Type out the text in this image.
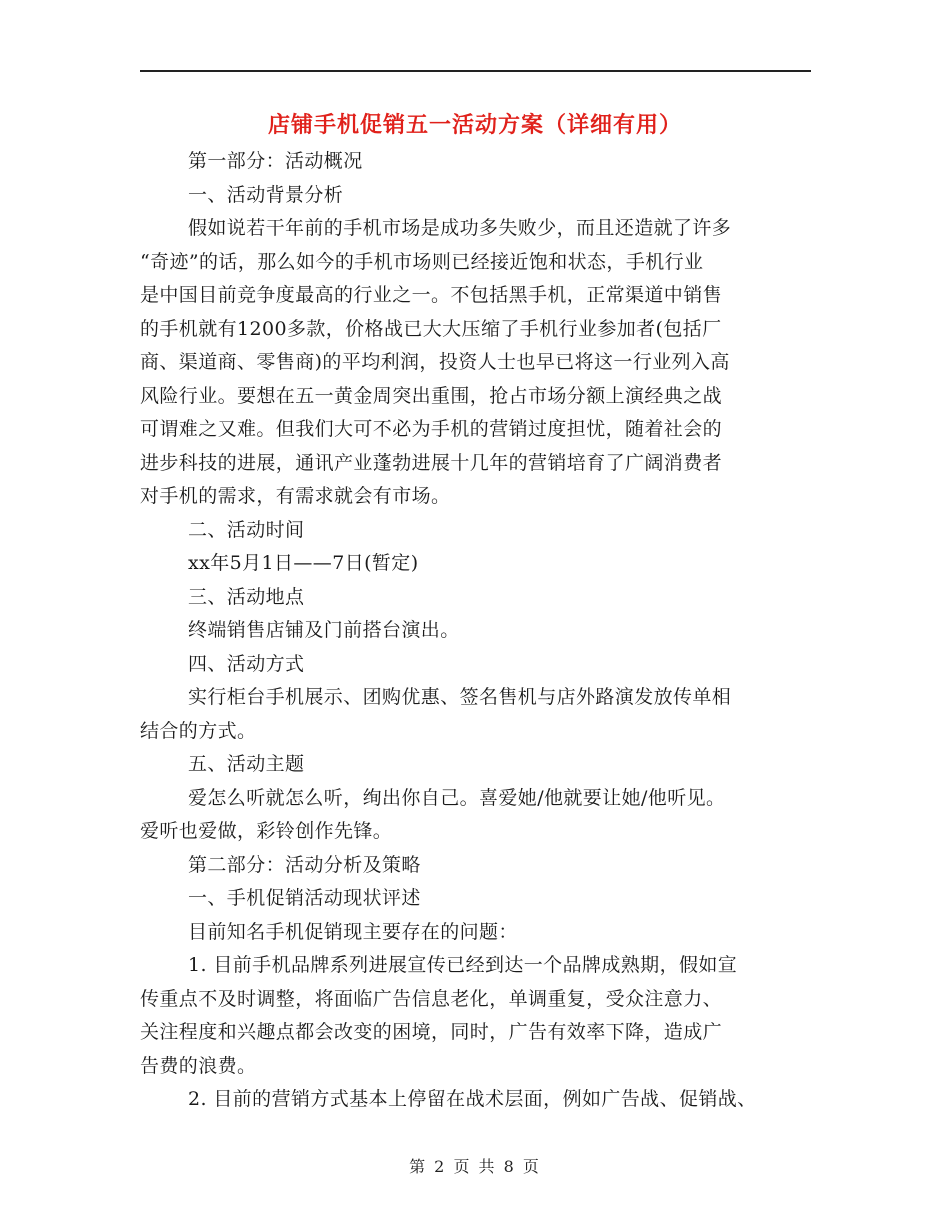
店铺手机促销五一活动方案（详细有用）

第一部分：活动概况

一、活动背景分析

假如说若干年前的手机市场是成功多失败少，而且还造就了许多

“奇迹”的话，那么如今的手机市场则已经接近饱和状态，手机行业

是中国目前竞争度最高的行业之一。不包括黑手机，正常渠道中销售

的手机就有1200多款，价格战已大大压缩了手机行业参加者(包括厂

商、渠道商、零售商)的平均利润，投资人士也早已将这一行业列入高

风险行业。要想在五一黄金周突出重围，抢占市场分额上演经典之战

可谓难之又难。但我们大可不必为手机的营销过度担忧，随着社会的

进步科技的进展，通讯产业蓬勃进展十几年的营销培育了广阔消费者

对手机的需求，有需求就会有市场。

二、活动时间

xx年5月1日——7日(暂定)

三、活动地点

终端销售店铺及门前搭台演出。

四、活动方式

实行柜台手机展示、团购优惠、签名售机与店外路演发放传单相

结合的方式。

五、活动主题

爱怎么听就怎么听，绚出你自己。喜爱她/他就要让她/他听见。

爱听也爱做，彩铃创作先锋。

第二部分：活动分析及策略

一、手机促销活动现状评述

目前知名手机促销现主要存在的问题：

1. 目前手机品牌系列进展宣传已经到达一个品牌成熟期，假如宣

传重点不及时调整，将面临广告信息老化，单调重复，受众注意力、

关注程度和兴趣点都会改变的困境，同时，广告有效率下降，造成广

告费的浪费。

2. 目前的营销方式基本上停留在战术层面，例如广告战、促销战、

第 2 页 共 8 页
